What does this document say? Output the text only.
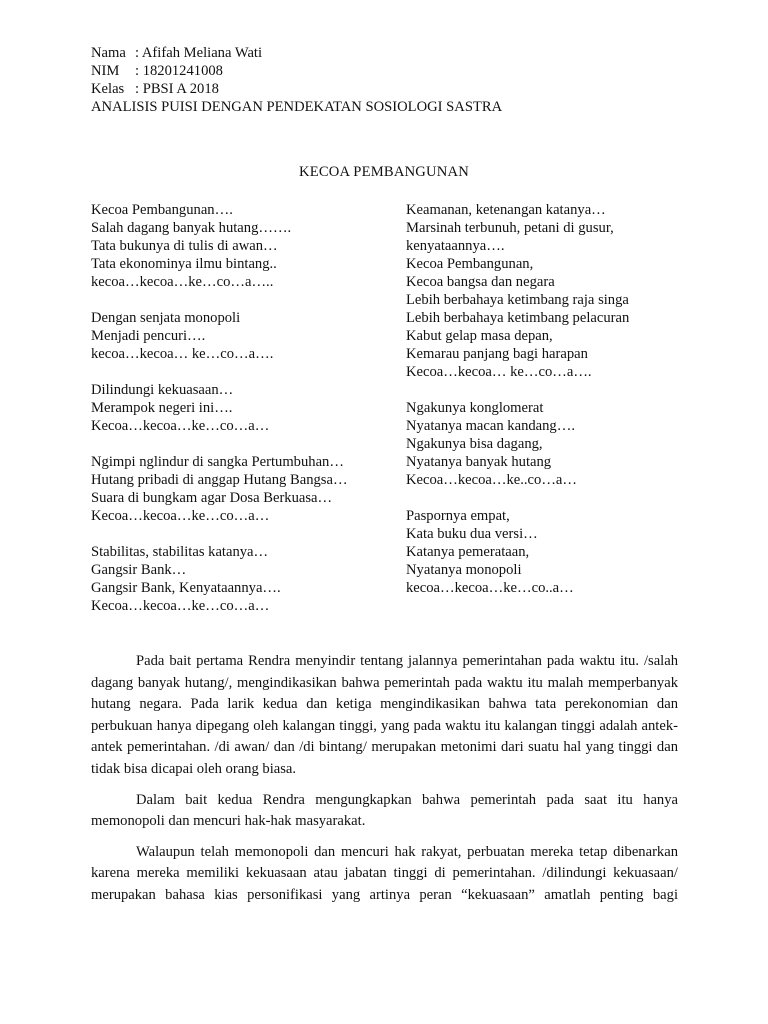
Nama : Afifah Meliana Wati
NIM : 18201241008
Kelas : PBSI A 2018
ANALISIS PUISI DENGAN PENDEKATAN SOSIOLOGI SASTRA
KECOA PEMBANGUNAN
Kecoa Pembangunan….
Salah dagang banyak hutang…….
Tata bukunya di tulis di awan…
Tata ekonominya ilmu bintang..
kecoa…kecoa…ke…co…a…..
Dengan senjata monopoli
Menjadi pencuri….
kecoa…kecoa… ke…co…a….
Dilindungi kekuasaan…
Merampok negeri ini….
Kecoa…kecoa…ke…co…a…
Ngimpi nglindur di sangka Pertumbuhan…
Hutang pribadi di anggap Hutang Bangsa…
Suara di bungkam agar Dosa Berkuasa…
Kecoa…kecoa…ke…co…a…
Stabilitas, stabilitas katanya…
Gangsir Bank…
Gangsir Bank, Kenyataannya….
Kecoa…kecoa…ke…co…a…
Keamanan, ketenangan katanya…
Marsinah terbunuh, petani di gusur,
kenyataannya….
Kecoa Pembangunan,
Kecoa bangsa dan negara
Lebih berbahaya ketimbang raja singa
Lebih berbahaya ketimbang pelacuran
Kabut gelap masa depan,
Kemarau panjang bagi harapan
Kecoa…kecoa… ke…co…a….
Ngakunya konglomerat
Nyatanya macan kandang….
Ngakunya bisa dagang,
Nyatanya banyak hutang
Kecoa…kecoa…ke..co…a…
Paspornya empat,
Kata buku dua versi…
Katanya pemerataan,
Nyatanya monopoli
kecoa…kecoa…ke…co..a…

Pada bait pertama Rendra menyindir tentang jalannya pemerintahan pada waktu itu. /salah dagang banyak hutang/, mengindikasikan bahwa pemerintah pada waktu itu malah memperbanyak hutang negara. Pada larik kedua dan ketiga mengindikasikan bahwa tata perekonomian dan perbukuan hanya dipegang oleh kalangan tinggi, yang pada waktu itu kalangan tinggi adalah antek-antek pemerintahan. /di awan/ dan /di bintang/ merupakan metonimi dari suatu hal yang tinggi dan tidak bisa dicapai oleh orang biasa.

Dalam bait kedua Rendra mengungkapkan bahwa pemerintah pada saat itu hanya memonopoli dan mencuri hak-hak masyarakat.

Walaupun telah memonopoli dan mencuri hak rakyat, perbuatan mereka tetap dibenarkan karena mereka memiliki kekuasaan atau jabatan tinggi di pemerintahan. /dilindungi kekuasaan/ merupakan bahasa kias personifikasi yang artinya peran “kekuasaan” amatlah penting bagi
